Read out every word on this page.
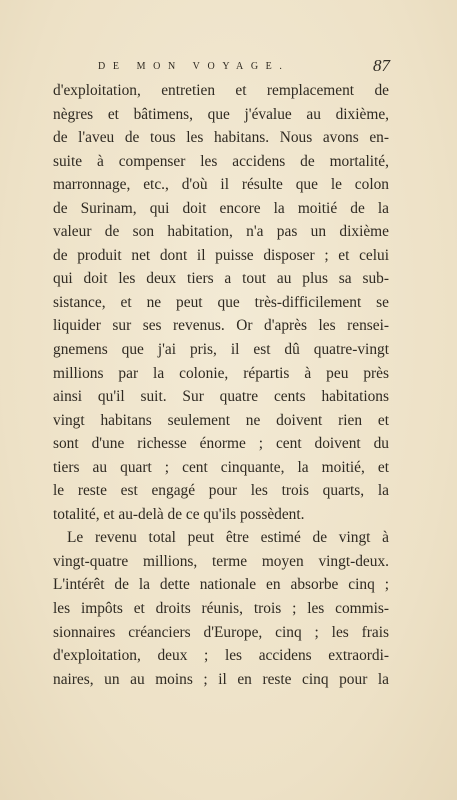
DE MON VOYAGE.	87
d'exploitation, entretien et remplacement de
nègres et bâtimens, que j'évalue au dixième,
de l'aveu de tous les habitans. Nous avons en-
suite à compenser les accidens de mortalité,
marronnage, etc., d'où il résulte que le colon
de Surinam, qui doit encore la moitié de la
valeur de son habitation, n'a pas un dixième
de produit net dont il puisse disposer ; et celui
qui doit les deux tiers a tout au plus sa sub-
sistance, et ne peut que très-difficilement se
liquider sur ses revenus. Or d'après les rensei-
gnemens que j'ai pris, il est dû quatre-vingt
millions par la colonie, répartis à peu près
ainsi qu'il suit. Sur quatre cents habitations
vingt habitans seulement ne doivent rien et
sont d'une richesse énorme ; cent doivent du
tiers au quart ; cent cinquante, la moitié, et
le reste est engagé pour les trois quarts, la
totalité, et au-delà de ce qu'ils possèdent.
Le revenu total peut être estimé de vingt à
vingt-quatre millions, terme moyen vingt-deux.
L'intérêt de la dette nationale en absorbe cinq ;
les impôts et droits réunis, trois ; les commis-
sionnaires créanciers d'Europe, cinq ; les frais
d'exploitation, deux ; les accidens extraordi-
naires, un au moins ; il en reste cinq pour la
